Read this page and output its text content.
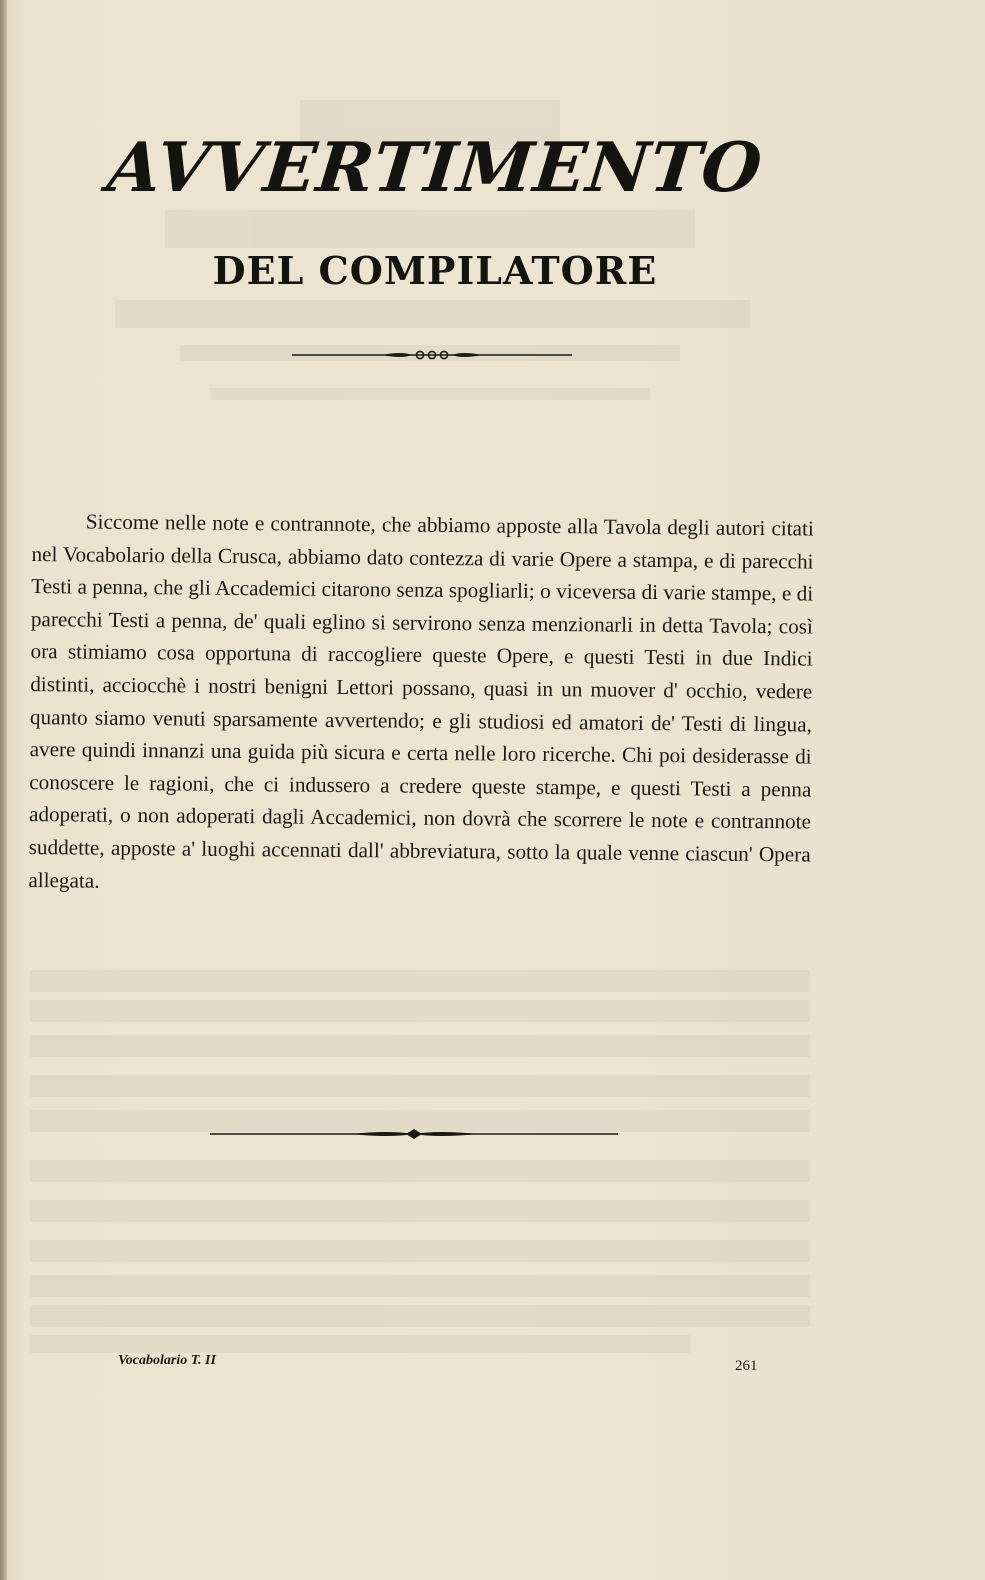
AVVERTIMENTO
DEL COMPILATORE

Siccome nelle note e contrannote, che abbiamo apposte alla Tavola degli autori citati nel Vocabolario della Crusca, abbiamo dato contezza di varie Opere a stampa, e di parecchi Testi a penna, che gli Accademici citarono senza spogliarli; o viceversa di varie stampe, e di parecchi Testi a penna, de' quali eglino si servirono senza menzionarli in detta Tavola; così ora stimiamo cosa opportuna di raccogliere queste Opere, e questi Testi in due Indici distinti, acciocchè i nostri benigni Lettori possano, quasi in un muover d' occhio, vedere quanto siamo venuti sparsamente avvertendo; e gli studiosi ed amatori de' Testi di lingua, avere quindi innanzi una guida più sicura e certa nelle loro ricerche. Chi poi desiderasse di conoscere le ragioni, che ci indussero a credere queste stampe, e questi Testi a penna adoperati, o non adoperati dagli Accademici, non dovrà che scorrere le note e contrannote suddette, apposte a' luoghi accennati dall' abbreviatura, sotto la quale venne ciascun' Opera allegata.

Vocabolario T. II	261
